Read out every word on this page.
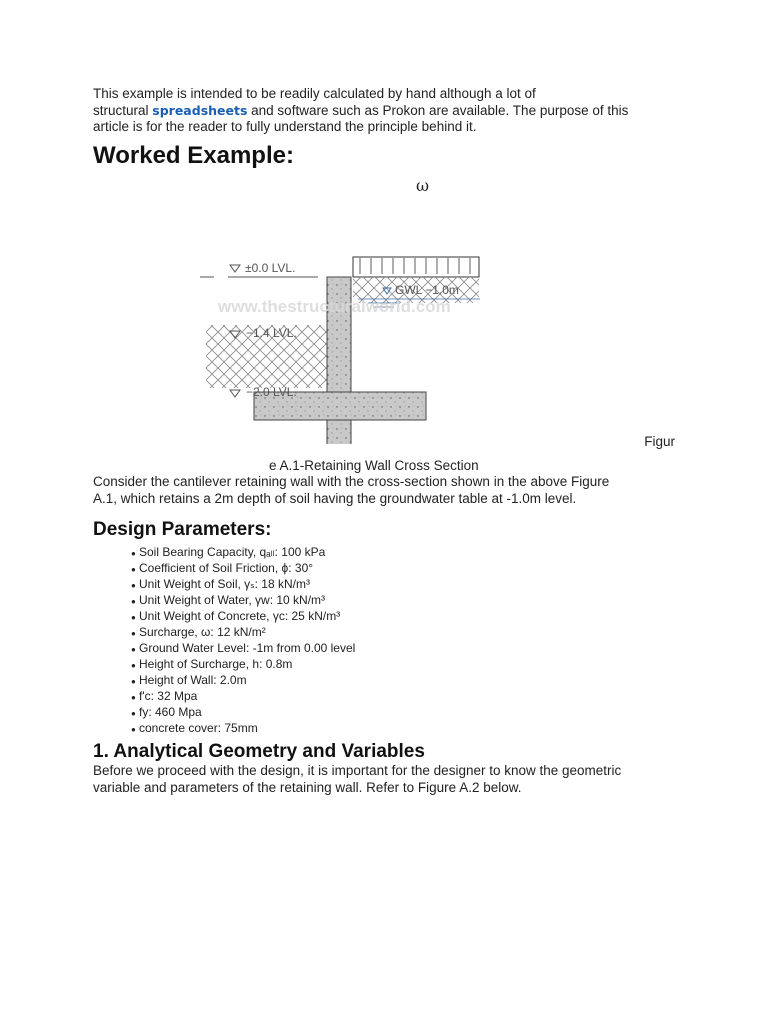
This example is intended to be readily calculated by hand although a lot of
structural spreadsheets and software such as Prokon are available. The purpose of this
article is for the reader to fully understand the principle behind it.

Worked Example:
ω
±0.0 LVL.
GWL −1.0m
−1.4 LVL.
−2.0 LVL.
www.thestructuralworld.com
Figur

e A.1-Retaining Wall Cross Section

Consider the cantilever retaining wall with the cross-section shown in the above Figure
A.1, which retains a 2m depth of soil having the groundwater table at -1.0m level.

Design Parameters:
● Soil Bearing Capacity, qₐₗₗ: 100 kPa
● Coefficient of Soil Friction, ϕ: 30°
● Unit Weight of Soil, γₛ: 18 kN/m³
● Unit Weight of Water, γw: 10 kN/m³
● Unit Weight of Concrete, γc: 25 kN/m³
● Surcharge, ω: 12 kN/m²
● Ground Water Level: -1m from 0.00 level
● Height of Surcharge, h: 0.8m
● Height of Wall: 2.0m
● f'c: 32 Mpa
● fy: 460 Mpa
● concrete cover: 75mm
1. Analytical Geometry and Variables

Before we proceed with the design, it is important for the designer to know the geometric
variable and parameters of the retaining wall. Refer to Figure A.2 below.
